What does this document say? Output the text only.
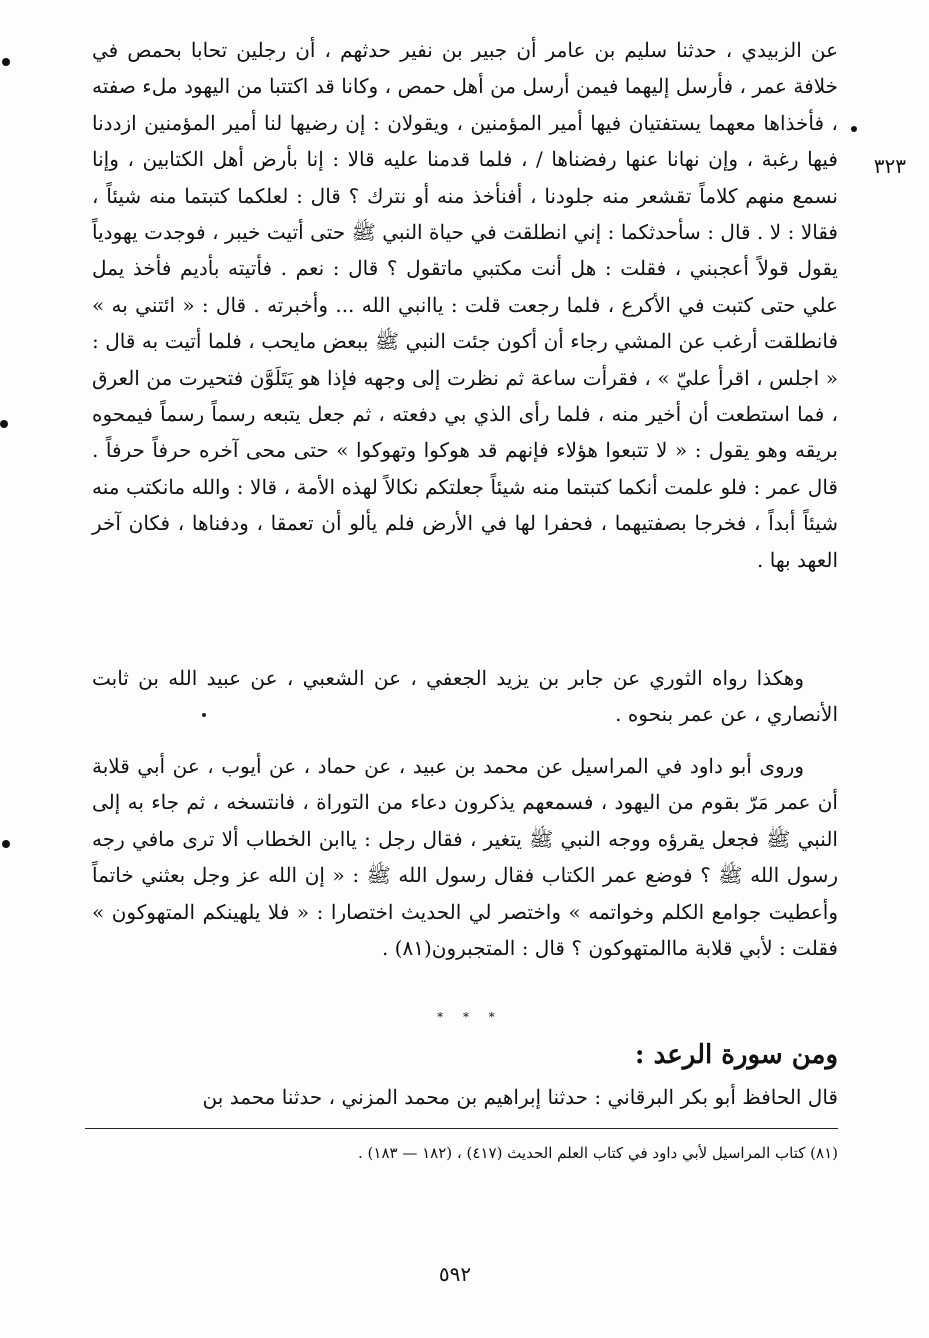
٣٢٣

عن الزبيدي ، حدثنا سليم بن عامر أن جبير بن نفير حدثهم ، أن رجلين تحابا بحمص في خلافة عمر ، فأرسل إليهما فيمن أرسل من أهل حمص ، وكانا قد اكتتبا من اليهود ملء صفته ، فأخذاها معهما يستفتيان فيها أمير المؤمنين ، ويقولان : إن رضيها لنا أمير المؤمنين ازددنا فيها رغبة ، وإن نهانا عنها رفضناها / ، فلما قدمنا عليه قالا : إنا بأرض أهل الكتابين ، وإنا نسمع منهم كلاماً تقشعر منه جلودنا ، أفنأخذ منه أو نترك ؟ قال : لعلكما كتبتما منه شيئاً ، فقالا : لا . قال : سأحدثكما : إني انطلقت في حياة النبي ﷺ حتى أتيت خيبر ، فوجدت يهودياً يقول قولاً أعجبني ، فقلت : هل أنت مكتبي ماتقول ؟ قال : نعم . فأتيته بأديم فأخذ يمل علي حتى كتبت في الأكرع ، فلما رجعت قلت : ياانبي الله ... وأخبرته . قال : « ائتني به » فانطلقت أرغب عن المشي رجاء أن أكون جئت النبي ﷺ ببعض مايحب ، فلما أتيت به قال : « اجلس ، اقرأ عليّ » ، فقرأت ساعة ثم نظرت إلى وجهه فإذا هو يَتَلَوَّن فتحيرت من العرق ، فما استطعت أن أخير منه ، فلما رأى الذي بي دفعته ، ثم جعل يتبعه رسماً رسماً فيمحوه بريقه وهو يقول : « لا تتبعوا هؤلاء فإنهم قد هوكوا وتهوكوا » حتى محى آخره حرفاً حرفاً . قال عمر : فلو علمت أنكما كتبتما منه شيئاً جعلتكم نكالاً لهذه الأمة ، قالا : والله مانكتب منه شيئاً أبداً ، فخرجا بصفتيهما ، فحفرا لها في الأرض فلم يألو أن تعمقا ، ودفناها ، فكان آخر العهد بها .

وهكذا رواه الثوري عن جابر بن يزيد الجعفي ، عن الشعبي ، عن عبيد الله بن ثابت الأنصاري ، عن عمر بنحوه .

وروى أبو داود في المراسيل عن محمد بن عبيد ، عن حماد ، عن أيوب ، عن أبي قلابة أن عمر مَرّ بقوم من اليهود ، فسمعهم يذكرون دعاء من التوراة ، فانتسخه ، ثم جاء به إلى النبي ﷺ فجعل يقرؤه ووجه النبي ﷺ يتغير ، فقال رجل : ياابن الخطاب ألا ترى مافي رجه رسول الله ﷺ ؟ فوضع عمر الكتاب فقال رسول الله ﷺ : « إن الله عز وجل بعثني خاتماً وأعطيت جوامع الكلم وخواتمه » واختصر لي الحديث اختصارا : « فلا يلهينكم المتهوكون » فقلت : لأبي قلابة ماالمتهوكون ؟ قال : المتجبرون(٨١) .

* * *
ومن سورة الرعد :
قال الحافظ أبو بكر البرقاني : حدثنا إبراهيم بن محمد المزني ، حدثنا محمد بن
(٨١) كتاب المراسيل لأبي داود في كتاب العلم الحديث (٤١٧) ، (١٨٢ — ١٨٣) .
٥٩٢
